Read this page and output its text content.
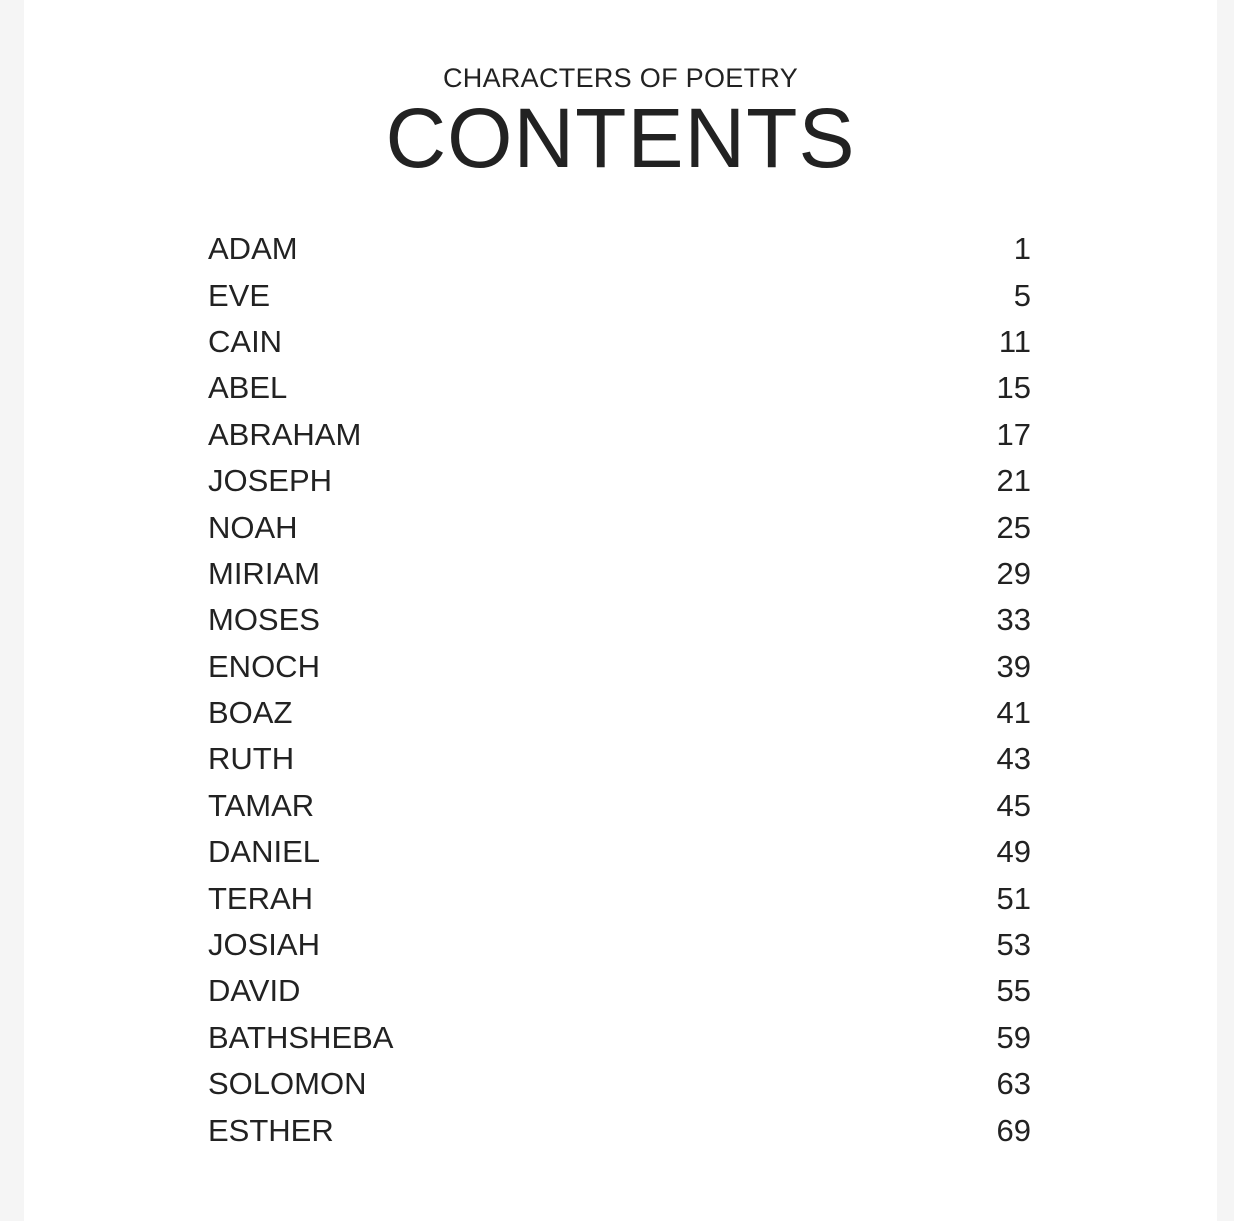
CHARACTERS OF POETRY
CONTENTS
ADAM	1
EVE	5
CAIN	11
ABEL	15
ABRAHAM	17
JOSEPH	21
NOAH	25
MIRIAM	29
MOSES	33
ENOCH	39
BOAZ	41
RUTH	43
TAMAR	45
DANIEL	49
TERAH	51
JOSIAH	53
DAVID	55
BATHSHEBA	59
SOLOMON	63
ESTHER	69
